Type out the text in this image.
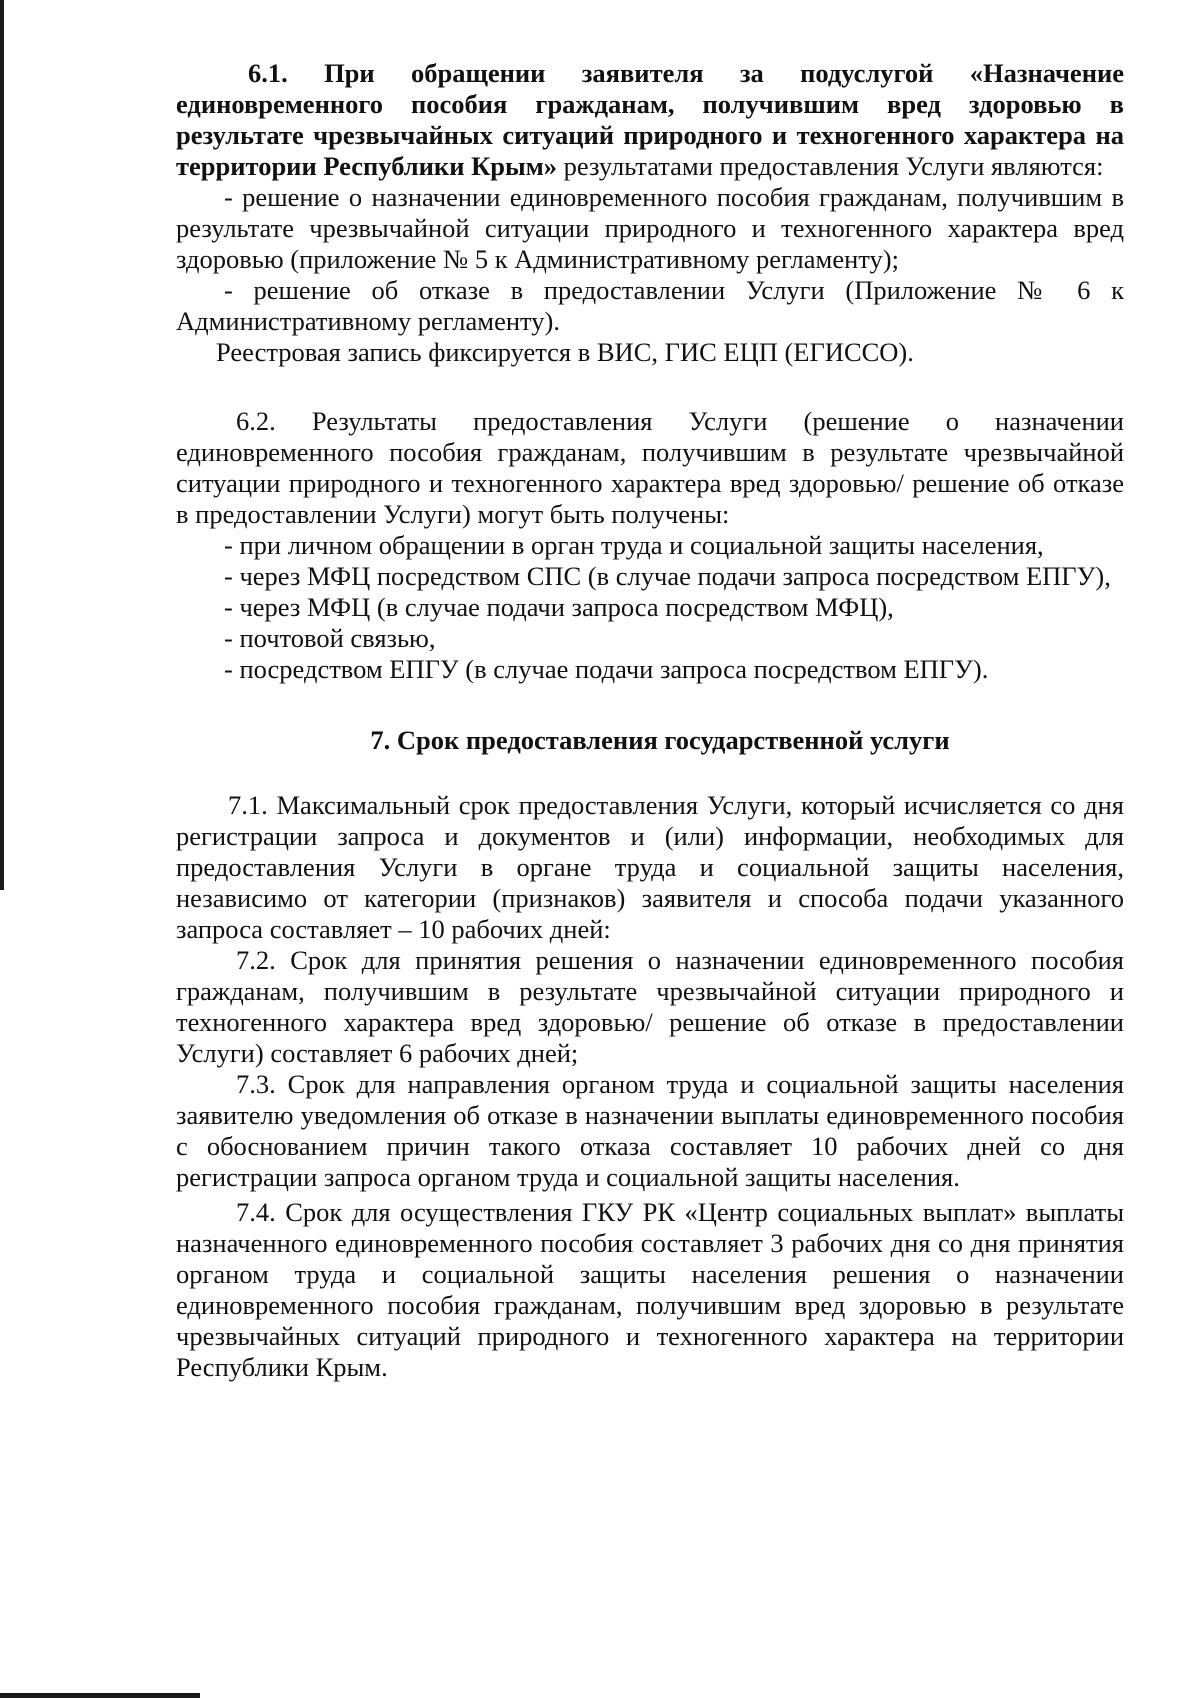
6.1. При обращении заявителя за подуслугой «Назначение единовременного пособия гражданам, получившим вред здоровью в результате чрезвычайных ситуаций природного и техногенного характера на территории Республики Крым» результатами предоставления Услуги являются:

- решение о назначении единовременного пособия гражданам, получившим в результате чрезвычайной ситуации природного и техногенного характера вред здоровью (приложение № 5 к Административному регламенту);

- решение об отказе в предоставлении Услуги (Приложение № 6 к Административному регламенту).

Реестровая запись фиксируется в ВИС, ГИС ЕЦП (ЕГИССО).

6.2. Результаты предоставления Услуги (решение о назначении единовременного пособия гражданам, получившим в результате чрезвычайной ситуации природного и техногенного характера вред здоровью/ решение об отказе в предоставлении Услуги) могут быть получены:

- при личном обращении в орган труда и социальной защиты населения,

- через МФЦ посредством СПС (в случае подачи запроса посредством ЕПГУ),

- через МФЦ (в случае подачи запроса посредством МФЦ),

- почтовой связью,

- посредством ЕПГУ (в случае подачи запроса посредством ЕПГУ).

7. Срок предоставления государственной услуги

7.1. Максимальный срок предоставления Услуги, который исчисляется со дня регистрации запроса и документов и (или) информации, необходимых для предоставления Услуги в органе труда и социальной защиты населения, независимо от категории (признаков) заявителя и способа подачи указанного запроса составляет – 10 рабочих дней:

7.2. Срок для принятия решения о назначении единовременного пособия гражданам, получившим в результате чрезвычайной ситуации природного и техногенного характера вред здоровью/ решение об отказе в предоставлении Услуги) составляет 6 рабочих дней;

7.3. Срок для направления органом труда и социальной защиты населения заявителю уведомления об отказе в назначении выплаты единовременного пособия с обоснованием причин такого отказа составляет 10 рабочих дней со дня регистрации запроса органом труда и социальной защиты населения.

7.4. Срок для осуществления ГКУ РК «Центр социальных выплат» выплаты назначенного единовременного пособия составляет 3 рабочих дня со дня принятия органом труда и социальной защиты населения решения о назначении единовременного пособия гражданам, получившим вред здоровью в результате чрезвычайных ситуаций природного и техногенного характера на территории Республики Крым.
